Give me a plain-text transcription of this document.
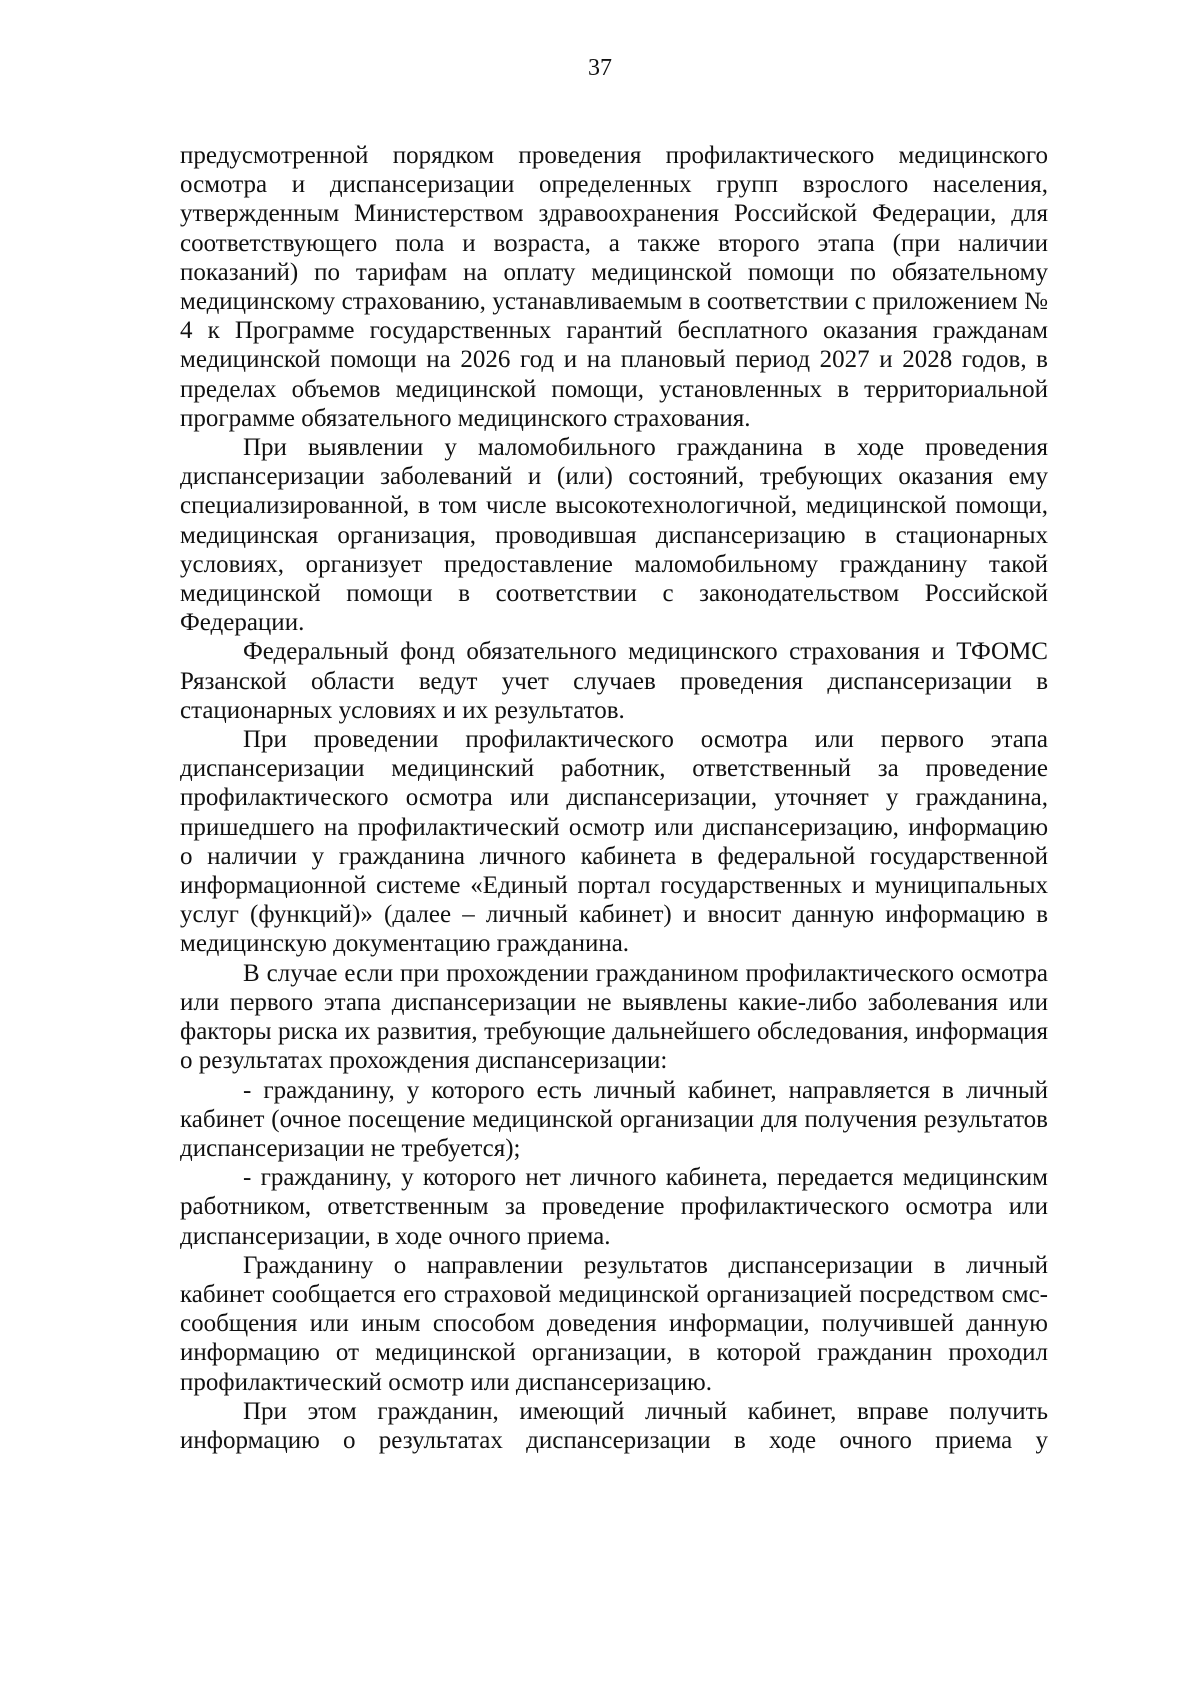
37

предусмотренной порядком проведения профилактического медицинского осмотра и диспансеризации определенных групп взрослого населения, утвержденным Министерством здравоохранения Российской Федерации, для соответствующего пола и возраста, а также второго этапа (при наличии показаний) по тарифам на оплату медицинской помощи по обязательному медицинскому страхованию, устанавливаемым в соответствии с приложением № 4 к Программе государственных гарантий бесплатного оказания гражданам медицинской помощи на 2026 год и на плановый период 2027 и 2028 годов, в пределах объемов медицинской помощи, установленных в территориальной программе обязательного медицинского страхования.

При выявлении у маломобильного гражданина в ходе проведения диспансеризации заболеваний и (или) состояний, требующих оказания ему специализированной, в том числе высокотехнологичной, медицинской помощи, медицинская организация, проводившая диспансеризацию в стационарных условиях, организует предоставление маломобильному гражданину такой медицинской помощи в соответствии с законодательством Российской Федерации.

Федеральный фонд обязательного медицинского страхования и ТФОМС Рязанской области ведут учет случаев проведения диспансеризации в стационарных условиях и их результатов.

При проведении профилактического осмотра или первого этапа диспансеризации медицинский работник, ответственный за проведение профилактического осмотра или диспансеризации, уточняет у гражданина, пришедшего на профилактический осмотр или диспансеризацию, информацию о наличии у гражданина личного кабинета в федеральной государственной информационной системе «Единый портал государственных и муниципальных услуг (функций)» (далее – личный кабинет) и вносит данную информацию в медицинскую документацию гражданина.

В случае если при прохождении гражданином профилактического осмотра или первого этапа диспансеризации не выявлены какие-либо заболевания или факторы риска их развития, требующие дальнейшего обследования, информация о результатах прохождения диспансеризации:

- гражданину, у которого есть личный кабинет, направляется в личный кабинет (очное посещение медицинской организации для получения результатов диспансеризации не требуется);

- гражданину, у которого нет личного кабинета, передается медицинским работником, ответственным за проведение профилактического осмотра или диспансеризации, в ходе очного приема.

Гражданину о направлении результатов диспансеризации в личный кабинет сообщается его страховой медицинской организацией посредством смс-сообщения или иным способом доведения информации, получившей данную информацию от медицинской организации, в которой гражданин проходил профилактический осмотр или диспансеризацию.

При этом гражданин, имеющий личный кабинет, вправе получить информацию о результатах диспансеризации в ходе очного приема у
